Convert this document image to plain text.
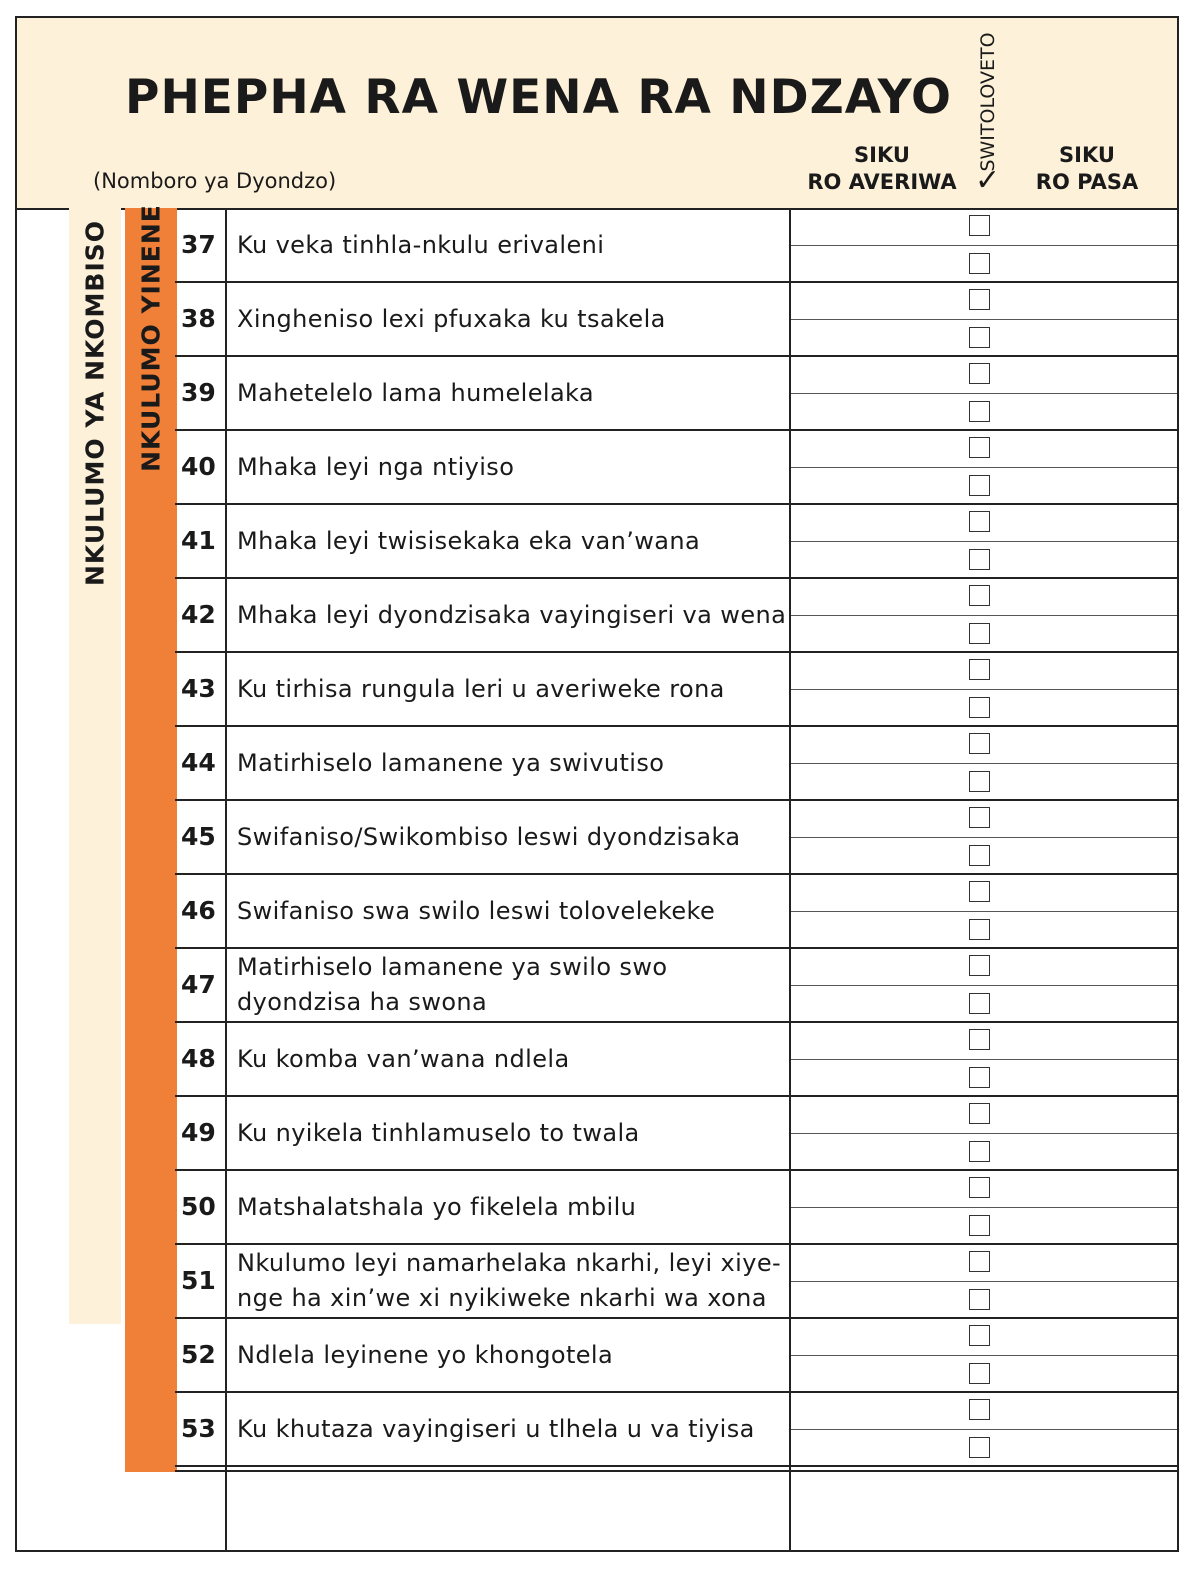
PHEPHA RA WENA RA NDZAYO
(Nomboro ya Dyondzo)
SIKU
RO AVERIWA
SWITOLOVETO
✓
SIKU
RO PASA
NKULUMO YA NKOMBISO NKULUMO YINENE 37 Ku veka tinhla-nkulu erivaleni
38 Xingheniso lexi pfuxaka ku tsakela
39 Mahetelelo lama humelelaka
40 Mhaka leyi nga ntiyiso
41 Mhaka leyi twisisekaka eka van’wana
42 Mhaka leyi dyondzisaka vayingiseri va wena
43 Ku tirhisa rungula leri u averiweke rona
44 Matirhiselo lamanene ya swivutiso
45 Swifaniso/Swikombiso leswi dyondzisaka
46 Swifaniso swa swilo leswi tolovelekeke
47
Matirhiselo lamanene ya swilo swo dyondzisa ha swona
48 Ku komba van’wana ndlela
49 Ku nyikela tinhlamuselo to twala
50 Matshalatshala yo fikelela mbilu
51
Nkulumo leyi namarhelaka nkarhi, leyi xiye-nge ha xin’we xi nyikiweke nkarhi wa xona
52 Ndlela leyinene yo khongotela
53 Ku khutaza vayingiseri u tlhela u va tiyisa
